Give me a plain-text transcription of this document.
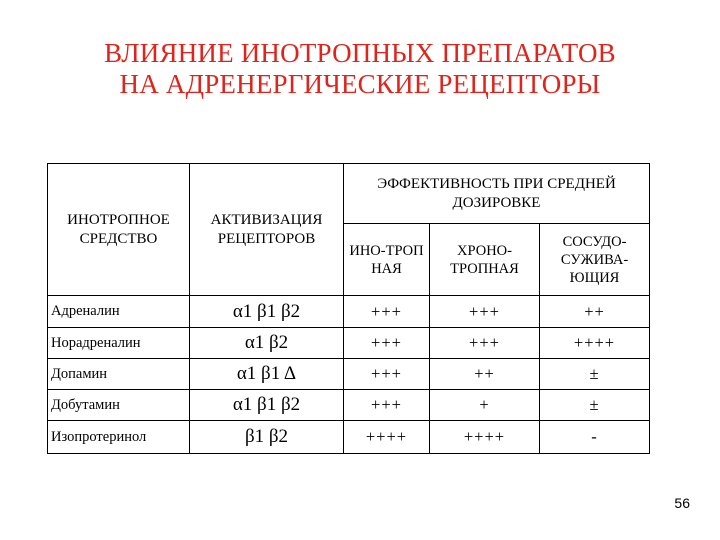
ВЛИЯНИЕ ИНОТРОПНЫХ ПРЕПАРАТОВ
НА АДРЕНЕРГИЧЕСКИЕ РЕЦЕПТОРЫ
ИНОТРОПНОЕ СРЕДСТВО	АКТИВИЗАЦИЯ РЕЦЕПТОРОВ	ЭФФЕКТИВНОСТЬ ПРИ СРЕДНЕЙ ДОЗИРОВКЕ		
		ИНО-ТРОП НАЯ	ХРОНО-ТРОПНАЯ	СОСУДО-СУЖИВА-ЮЩИЯ
Адреналин	α1 β1 β2	+++	+++	++
Норадреналин	α1 β2	+++	+++	++++
Допамин	α1 β1 Δ	+++	++	±
Добутамин	α1 β1 β2	+++	+	±
Изопротеринол	β1 β2	++++	++++	-
56
